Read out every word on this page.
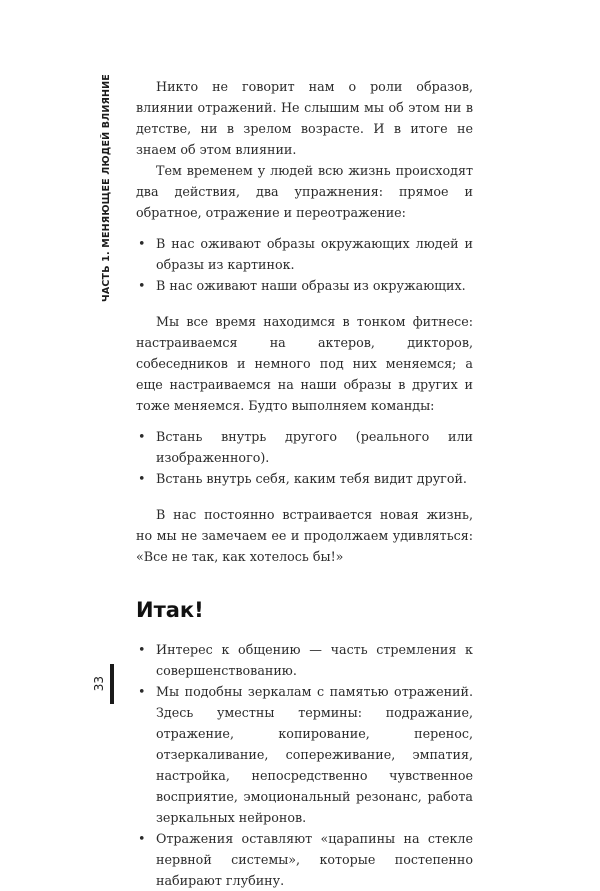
ЧАСТЬ 1. МЕНЯЮЩЕЕ ЛЮДЕЙ ВЛИЯНИЕ
33

Никто не говорит нам о роли образов, влиянии отражений. Не слышим мы об этом ни в детстве, ни в зрелом возрасте. И в итоге не знаем об этом влиянии.

Тем временем у людей всю жизнь происходят два действия, два упражнения: прямое и обратное, отражение и переотражение:

• В нас оживают образы окружающих людей и образы из картинок.
• В нас оживают наши образы из окружающих.

Мы все время находимся в тонком фитнесе: настраиваемся на актеров, дикторов, собеседников и немного под них меняемся; а еще настраиваемся на наши образы в других и тоже меняемся. Будто выполняем команды:

• Встань внутрь другого (реального или изображенного).
• Встань внутрь себя, каким тебя видит другой.

В нас постоянно встраивается новая жизнь, но мы не замечаем ее и продолжаем удивляться: «Все не так, как хотелось бы!»

Итак!
• Интерес к общению — часть стремления к совершенствованию.
• Мы подобны зеркалам с памятью отражений. Здесь уместны термины: подражание, отражение, копирование, перенос, отзеркаливание, сопереживание, эмпатия, настройка, непосредственно чувственное восприятие, эмоциональный резонанс, работа зеркальных нейронов.
• Отражения оставляют «царапины на стекле нервной системы», которые постепенно набирают глубину.
